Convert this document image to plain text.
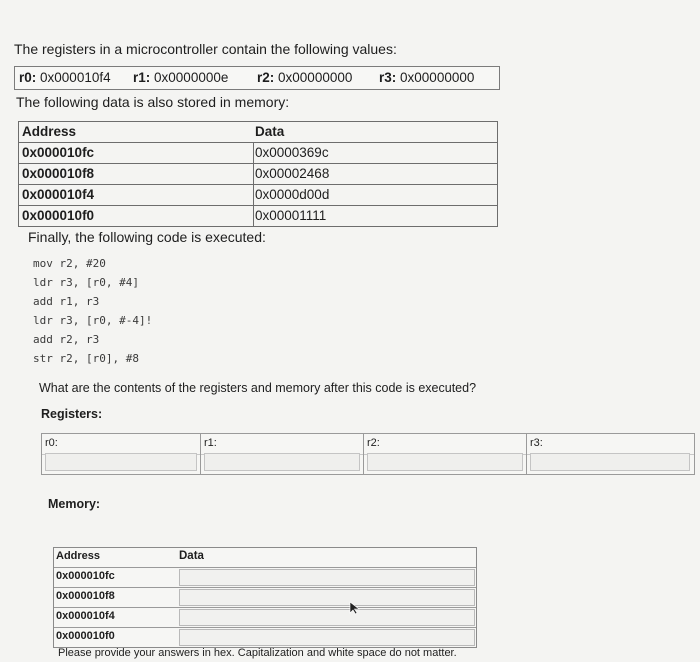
The registers in a microcontroller contain the following values:
r0: 0x000010f4 r1: 0x0000000e r2: 0x00000000 r3: 0x00000000
The following data is also stored in memory:
Address	Data
0x000010fc	0x0000369c
0x000010f8	0x00002468
0x000010f4	0x0000d00d
0x000010f0	0x00001111
Finally, the following code is executed:
mov r2, #20
ldr r3, [r0, #4]
add r1, r3
ldr r3, [r0, #-4]!
add r2, r3
str r2, [r0], #8
What are the contents of the registers and memory after this code is executed?
Registers:
r0:	r1:	r2:	r3:
Memory:
Address	Data
0x000010fc
0x000010f8
0x000010f4
0x000010f0
Please provide your answers in hex. Capitalization and white space do not matter.
